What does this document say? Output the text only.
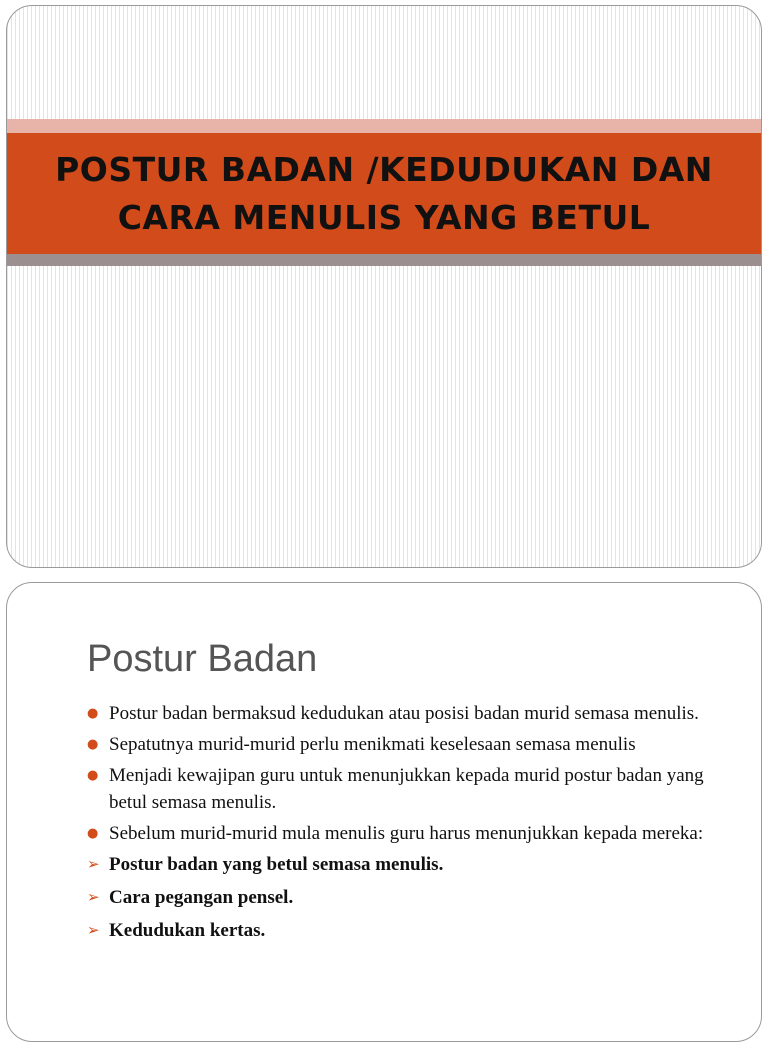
POSTUR BADAN /KEDUDUKAN DAN
CARA MENULIS YANG BETUL
Postur Badan
● Postur badan bermaksud kedudukan atau posisi badan murid semasa menulis.
● Sepatutnya murid-murid perlu menikmati keselesaan semasa menulis
● Menjadi kewajipan guru untuk menunjukkan kepada murid postur badan yang betul semasa menulis.
● Sebelum murid-murid mula menulis guru harus menunjukkan kepada mereka:
➢ Postur badan yang betul semasa menulis.
➢ Cara pegangan pensel.
➢ Kedudukan kertas.
